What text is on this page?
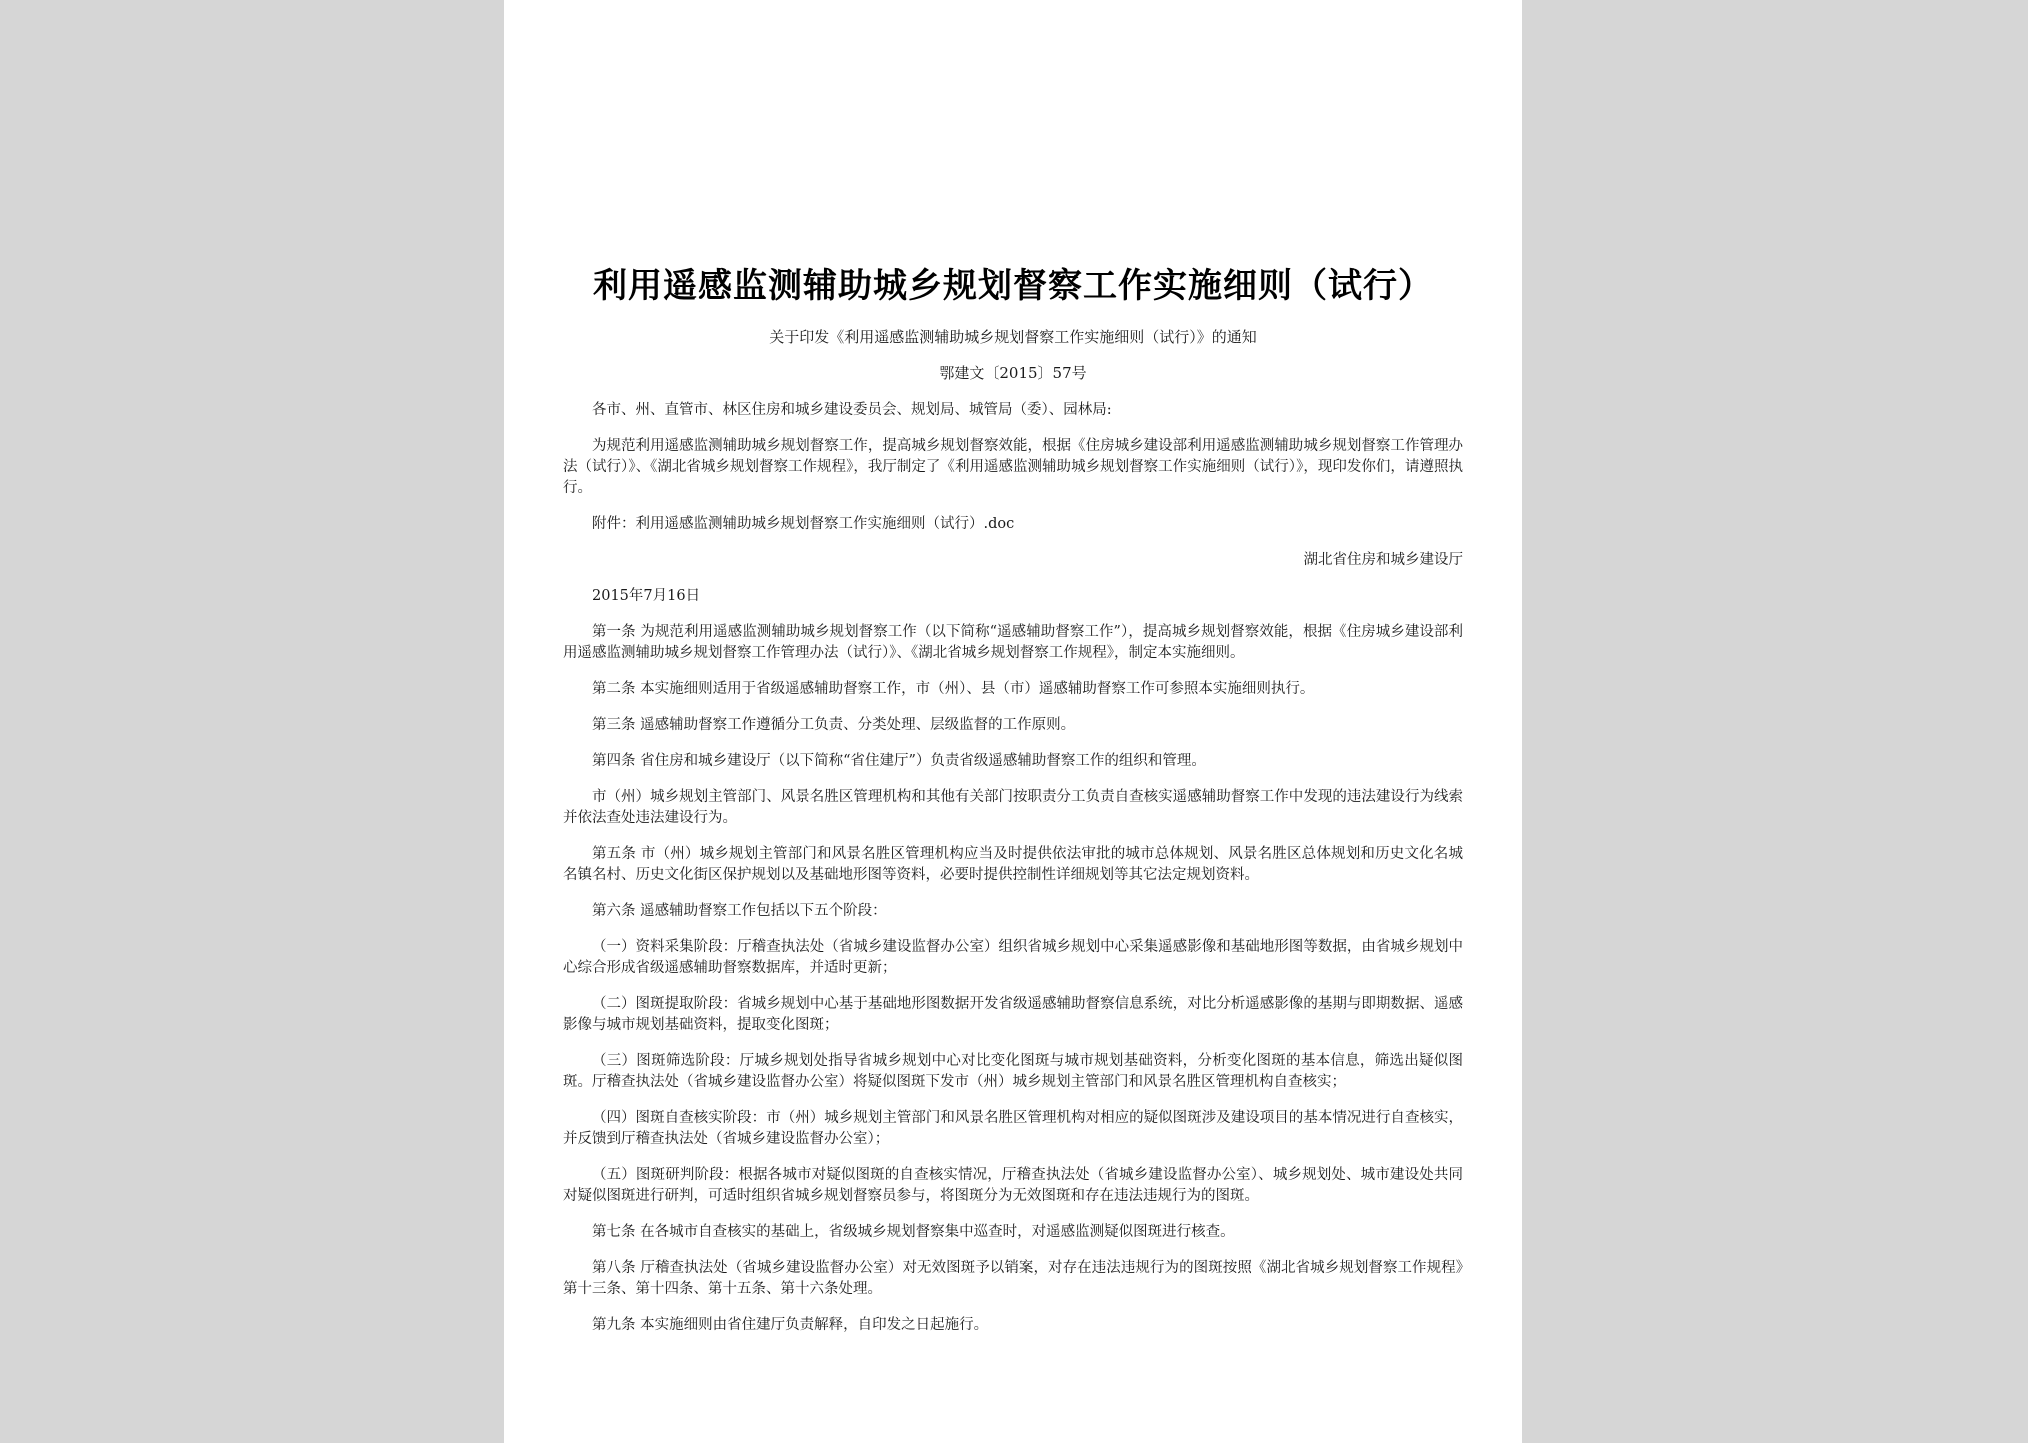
利用遥感监测辅助城乡规划督察工作实施细则（试行）
关于印发《利用遥感监测辅助城乡规划督察工作实施细则（试行）》的通知
鄂建文〔2015〕57号

各市、州、直管市、林区住房和城乡建设委员会、规划局、城管局（委）、园林局:

为规范利用遥感监测辅助城乡规划督察工作，提高城乡规划督察效能，根据《住房城乡建设部利用遥感监测辅助城乡规划督察工作管理办法（试行）》、《湖北省城乡规划督察工作规程》，我厅制定了《利用遥感监测辅助城乡规划督察工作实施细则（试行）》，现印发你们，请遵照执行。

附件：利用遥感监测辅助城乡规划督察工作实施细则（试行）.doc

湖北省住房和城乡建设厅
2015年7月16日

第一条 为规范利用遥感监测辅助城乡规划督察工作（以下简称“遥感辅助督察工作”），提高城乡规划督察效能，根据《住房城乡建设部利用遥感监测辅助城乡规划督察工作管理办法（试行）》、《湖北省城乡规划督察工作规程》，制定本实施细则。

第二条 本实施细则适用于省级遥感辅助督察工作，市（州）、县（市）遥感辅助督察工作可参照本实施细则执行。

第三条 遥感辅助督察工作遵循分工负责、分类处理、层级监督的工作原则。

第四条 省住房和城乡建设厅（以下简称“省住建厅”）负责省级遥感辅助督察工作的组织和管理。

市（州）城乡规划主管部门、风景名胜区管理机构和其他有关部门按职责分工负责自查核实遥感辅助督察工作中发现的违法建设行为线索并依法查处违法建设行为。

第五条 市（州）城乡规划主管部门和风景名胜区管理机构应当及时提供依法审批的城市总体规划、风景名胜区总体规划和历史文化名城名镇名村、历史文化街区保护规划以及基础地形图等资料，必要时提供控制性详细规划等其它法定规划资料。

第六条 遥感辅助督察工作包括以下五个阶段：

（一）资料采集阶段：厅稽查执法处（省城乡建设监督办公室）组织省城乡规划中心采集遥感影像和基础地形图等数据，由省城乡规划中心综合形成省级遥感辅助督察数据库，并适时更新；

（二）图斑提取阶段：省城乡规划中心基于基础地形图数据开发省级遥感辅助督察信息系统，对比分析遥感影像的基期与即期数据、遥感影像与城市规划基础资料，提取变化图斑；

（三）图斑筛选阶段：厅城乡规划处指导省城乡规划中心对比变化图斑与城市规划基础资料，分析变化图斑的基本信息，筛选出疑似图斑。厅稽查执法处（省城乡建设监督办公室）将疑似图斑下发市（州）城乡规划主管部门和风景名胜区管理机构自查核实；

（四）图斑自查核实阶段：市（州）城乡规划主管部门和风景名胜区管理机构对相应的疑似图斑涉及建设项目的基本情况进行自查核实，并反馈到厅稽查执法处（省城乡建设监督办公室）；

（五）图斑研判阶段：根据各城市对疑似图斑的自查核实情况，厅稽查执法处（省城乡建设监督办公室）、城乡规划处、城市建设处共同对疑似图斑进行研判，可适时组织省城乡规划督察员参与，将图斑分为无效图斑和存在违法违规行为的图斑。

第七条 在各城市自查核实的基础上，省级城乡规划督察集中巡查时，对遥感监测疑似图斑进行核查。

第八条 厅稽查执法处（省城乡建设监督办公室）对无效图斑予以销案，对存在违法违规行为的图斑按照《湖北省城乡规划督察工作规程》第十三条、第十四条、第十五条、第十六条处理。

第九条 本实施细则由省住建厅负责解释，自印发之日起施行。
